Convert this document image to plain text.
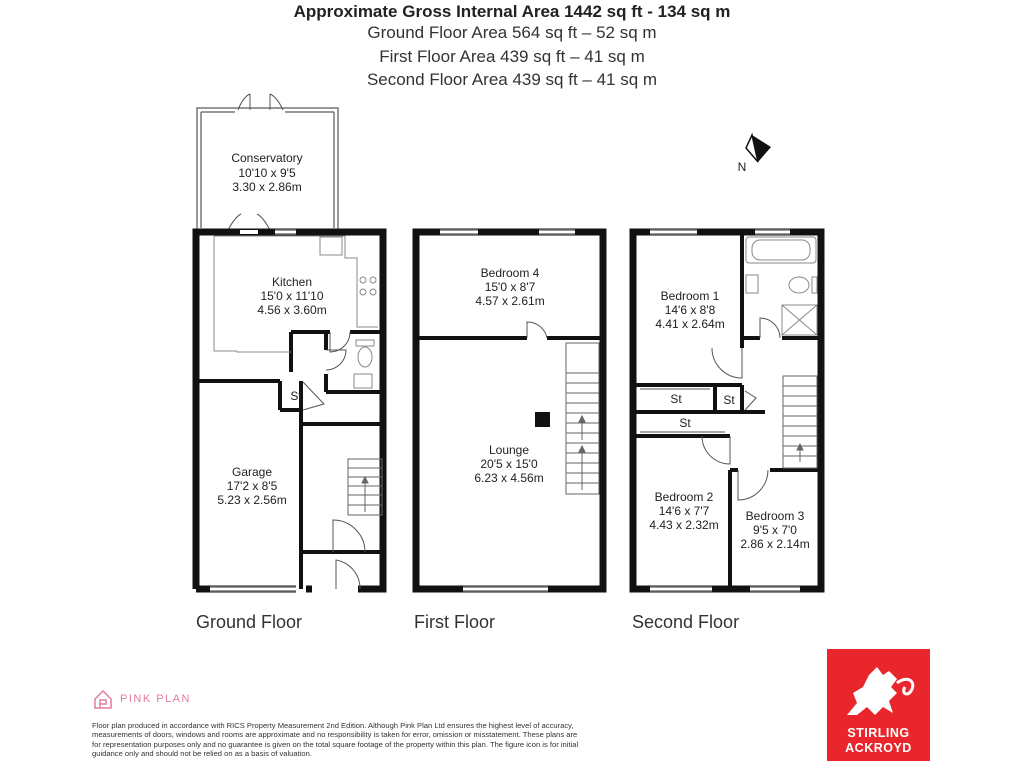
Approximate Gross Internal Area 1442 sq ft - 134 sq m
Ground Floor Area 564 sq ft – 52 sq m
First Floor Area 439 sq ft – 41 sq m
Second Floor Area 439 sq ft – 41 sq m
N
Conservatory
10'10 x 9'5
3.30 x 2.86m
Kitchen
15'0 x 11'10
4.56 x 3.60m
St
Garage
17'2 x 8'5
5.23 x 2.56m
Bedroom 4
15'0 x 8'7
4.57 x 2.61m
Lounge
20'5 x 15'0
6.23 x 4.56m
Bedroom 1
14'6 x 8'8
4.41 x 2.64m
St	St
St
Bedroom 2
14'6 x 7'7
4.43 x 2.32m
Bedroom 3
9'5 x 7'0
2.86 x 2.14m
Ground Floor	First Floor	Second Floor
PINK PLAN
Floor plan produced in accordance with RICS Property Measurement 2nd Edition. Although Pink Plan Ltd ensures the highest level of accuracy, measurements of doors, windows and rooms are approximate and no responsibility is taken for error, omission or misstatement. These plans are for representation purposes only and no guarantee is given on the total square footage of the property within this plan. The figure icon is for initial guidance only and should not be relied on as a basis of valuation.
STIRLING
ACKROYD
